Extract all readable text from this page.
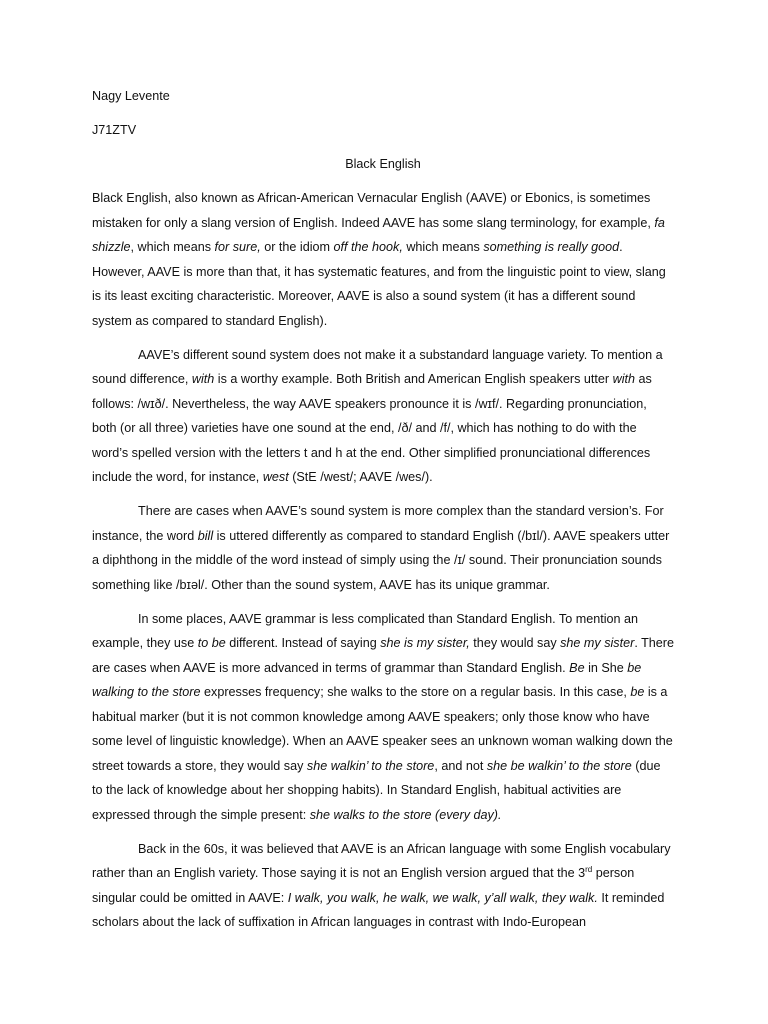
Nagy Levente
J71ZTV
Black English

Black English, also known as African-American Vernacular English (AAVE) or Ebonics, is sometimes mistaken for only a slang version of English. Indeed AAVE has some slang terminology, for example, fa shizzle, which means for sure, or the idiom off the hook, which means something is really good. However, AAVE is more than that, it has systematic features, and from the linguistic point to view, slang is its least exciting characteristic. Moreover, AAVE is also a sound system (it has a different sound system as compared to standard English).

AAVE’s different sound system does not make it a substandard language variety. To mention a sound difference, with is a worthy example. Both British and American English speakers utter with as follows: /wɪð/. Nevertheless, the way AAVE speakers pronounce it is /wɪf/. Regarding pronunciation, both (or all three) varieties have one sound at the end, /ð/ and /f/, which has nothing to do with the word’s spelled version with the letters t and h at the end. Other simplified pronunciational differences include the word, for instance, west (StE /west/; AAVE /wes/).

There are cases when AAVE’s sound system is more complex than the standard version’s. For instance, the word bill is uttered differently as compared to standard English (/bɪl/). AAVE speakers utter a diphthong in the middle of the word instead of simply using the /ɪ/ sound. Their pronunciation sounds something like /bɪəl/. Other than the sound system, AAVE has its unique grammar.

In some places, AAVE grammar is less complicated than Standard English. To mention an example, they use to be different. Instead of saying she is my sister, they would say she my sister. There are cases when AAVE is more advanced in terms of grammar than Standard English. Be in She be walking to the store expresses frequency; she walks to the store on a regular basis. In this case, be is a habitual marker (but it is not common knowledge among AAVE speakers; only those know who have some level of linguistic knowledge). When an AAVE speaker sees an unknown woman walking down the street towards a store, they would say she walkin’ to the store, and not she be walkin’ to the store (due to the lack of knowledge about her shopping habits). In Standard English, habitual activities are expressed through the simple present: she walks to the store (every day).

Back in the 60s, it was believed that AAVE is an African language with some English vocabulary rather than an English variety. Those saying it is not an English version argued that the 3rd person singular could be omitted in AAVE: I walk, you walk, he walk, we walk, y’all walk, they walk. It reminded scholars about the lack of suffixation in African languages in contrast with Indo-European
